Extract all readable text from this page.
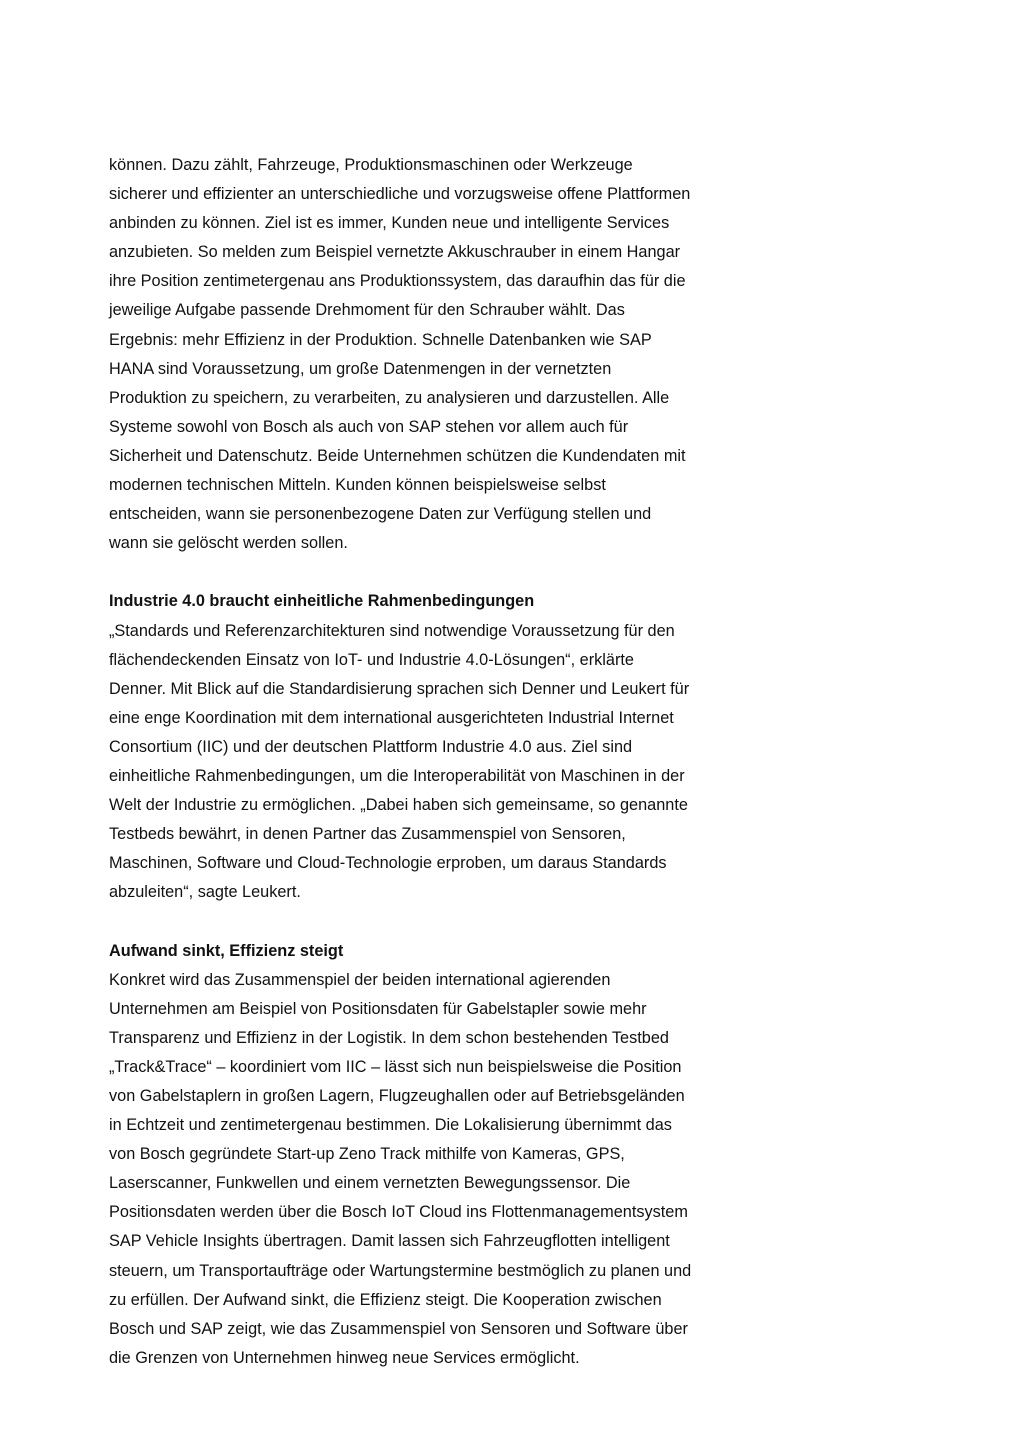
können. Dazu zählt, Fahrzeuge, Produktionsmaschinen oder Werkzeuge
sicherer und effizienter an unterschiedliche und vorzugsweise offene Plattformen
anbinden zu können. Ziel ist es immer, Kunden neue und intelligente Services
anzubieten. So melden zum Beispiel vernetzte Akkuschrauber in einem Hangar
ihre Position zentimetergenau ans Produktionssystem, das daraufhin das für die
jeweilige Aufgabe passende Drehmoment für den Schrauber wählt. Das
Ergebnis: mehr Effizienz in der Produktion. Schnelle Datenbanken wie SAP
HANA sind Voraussetzung, um große Datenmengen in der vernetzten
Produktion zu speichern, zu verarbeiten, zu analysieren und darzustellen. Alle
Systeme sowohl von Bosch als auch von SAP stehen vor allem auch für
Sicherheit und Datenschutz. Beide Unternehmen schützen die Kundendaten mit
modernen technischen Mitteln. Kunden können beispielsweise selbst
entscheiden, wann sie personenbezogene Daten zur Verfügung stellen und
wann sie gelöscht werden sollen.
Industrie 4.0 braucht einheitliche Rahmenbedingungen
„Standards und Referenzarchitekturen sind notwendige Voraussetzung für den
flächendeckenden Einsatz von IoT- und Industrie 4.0-Lösungen“, erklärte
Denner. Mit Blick auf die Standardisierung sprachen sich Denner und Leukert für
eine enge Koordination mit dem international ausgerichteten Industrial Internet
Consortium (IIC) und der deutschen Plattform Industrie 4.0 aus. Ziel sind
einheitliche Rahmenbedingungen, um die Interoperabilität von Maschinen in der
Welt der Industrie zu ermöglichen. „Dabei haben sich gemeinsame, so genannte
Testbeds bewährt, in denen Partner das Zusammenspiel von Sensoren,
Maschinen, Software und Cloud-Technologie erproben, um daraus Standards
abzuleiten“, sagte Leukert.
Aufwand sinkt, Effizienz steigt
Konkret wird das Zusammenspiel der beiden international agierenden
Unternehmen am Beispiel von Positionsdaten für Gabelstapler sowie mehr
Transparenz und Effizienz in der Logistik. In dem schon bestehenden Testbed
„Track&Trace“ – koordiniert vom IIC – lässt sich nun beispielsweise die Position
von Gabelstaplern in großen Lagern, Flugzeughallen oder auf Betriebsgeländen
in Echtzeit und zentimetergenau bestimmen. Die Lokalisierung übernimmt das
von Bosch gegründete Start-up Zeno Track mithilfe von Kameras, GPS,
Laserscanner, Funkwellen und einem vernetzten Bewegungssensor. Die
Positionsdaten werden über die Bosch IoT Cloud ins Flottenmanagementsystem
SAP Vehicle Insights übertragen. Damit lassen sich Fahrzeugflotten intelligent
steuern, um Transportaufträge oder Wartungstermine bestmöglich zu planen und
zu erfüllen. Der Aufwand sinkt, die Effizienz steigt. Die Kooperation zwischen
Bosch und SAP zeigt, wie das Zusammenspiel von Sensoren und Software über
die Grenzen von Unternehmen hinweg neue Services ermöglicht.
